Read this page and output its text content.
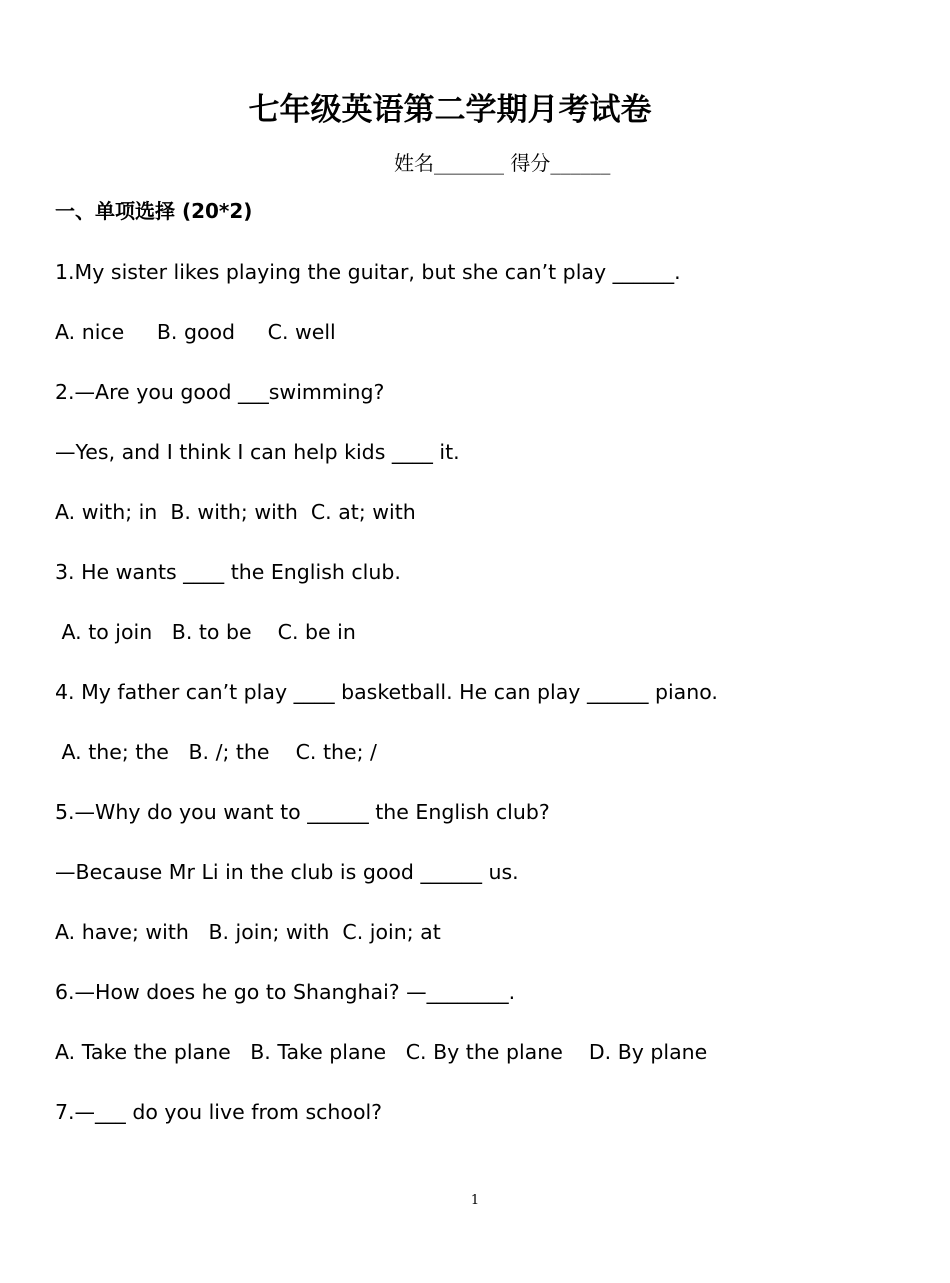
七年级英语第二学期月考试卷
姓名_______ 得分______
一、单项选择 (20*2)
1.My sister likes playing the guitar, but she can’t play ______.
A. nice     B. good     C. well
2.—Are you good ___swimming?
—Yes, and I think I can help kids ____ it.
A. with; in  B. with; with  C. at; with
3. He wants ____ the English club.
A. to join   B. to be    C. be in
4. My father can’t play ____ basketball. He can play ______ piano.
A. the; the   B. /; the    C. the; /
5.—Why do you want to ______ the English club?
—Because Mr Li in the club is good ______ us.
A. have; with   B. join; with  C. join; at
6.—How does he go to Shanghai? —________.
A. Take the plane   B. Take plane   C. By the plane    D. By plane
7.—___ do you live from school?
1
